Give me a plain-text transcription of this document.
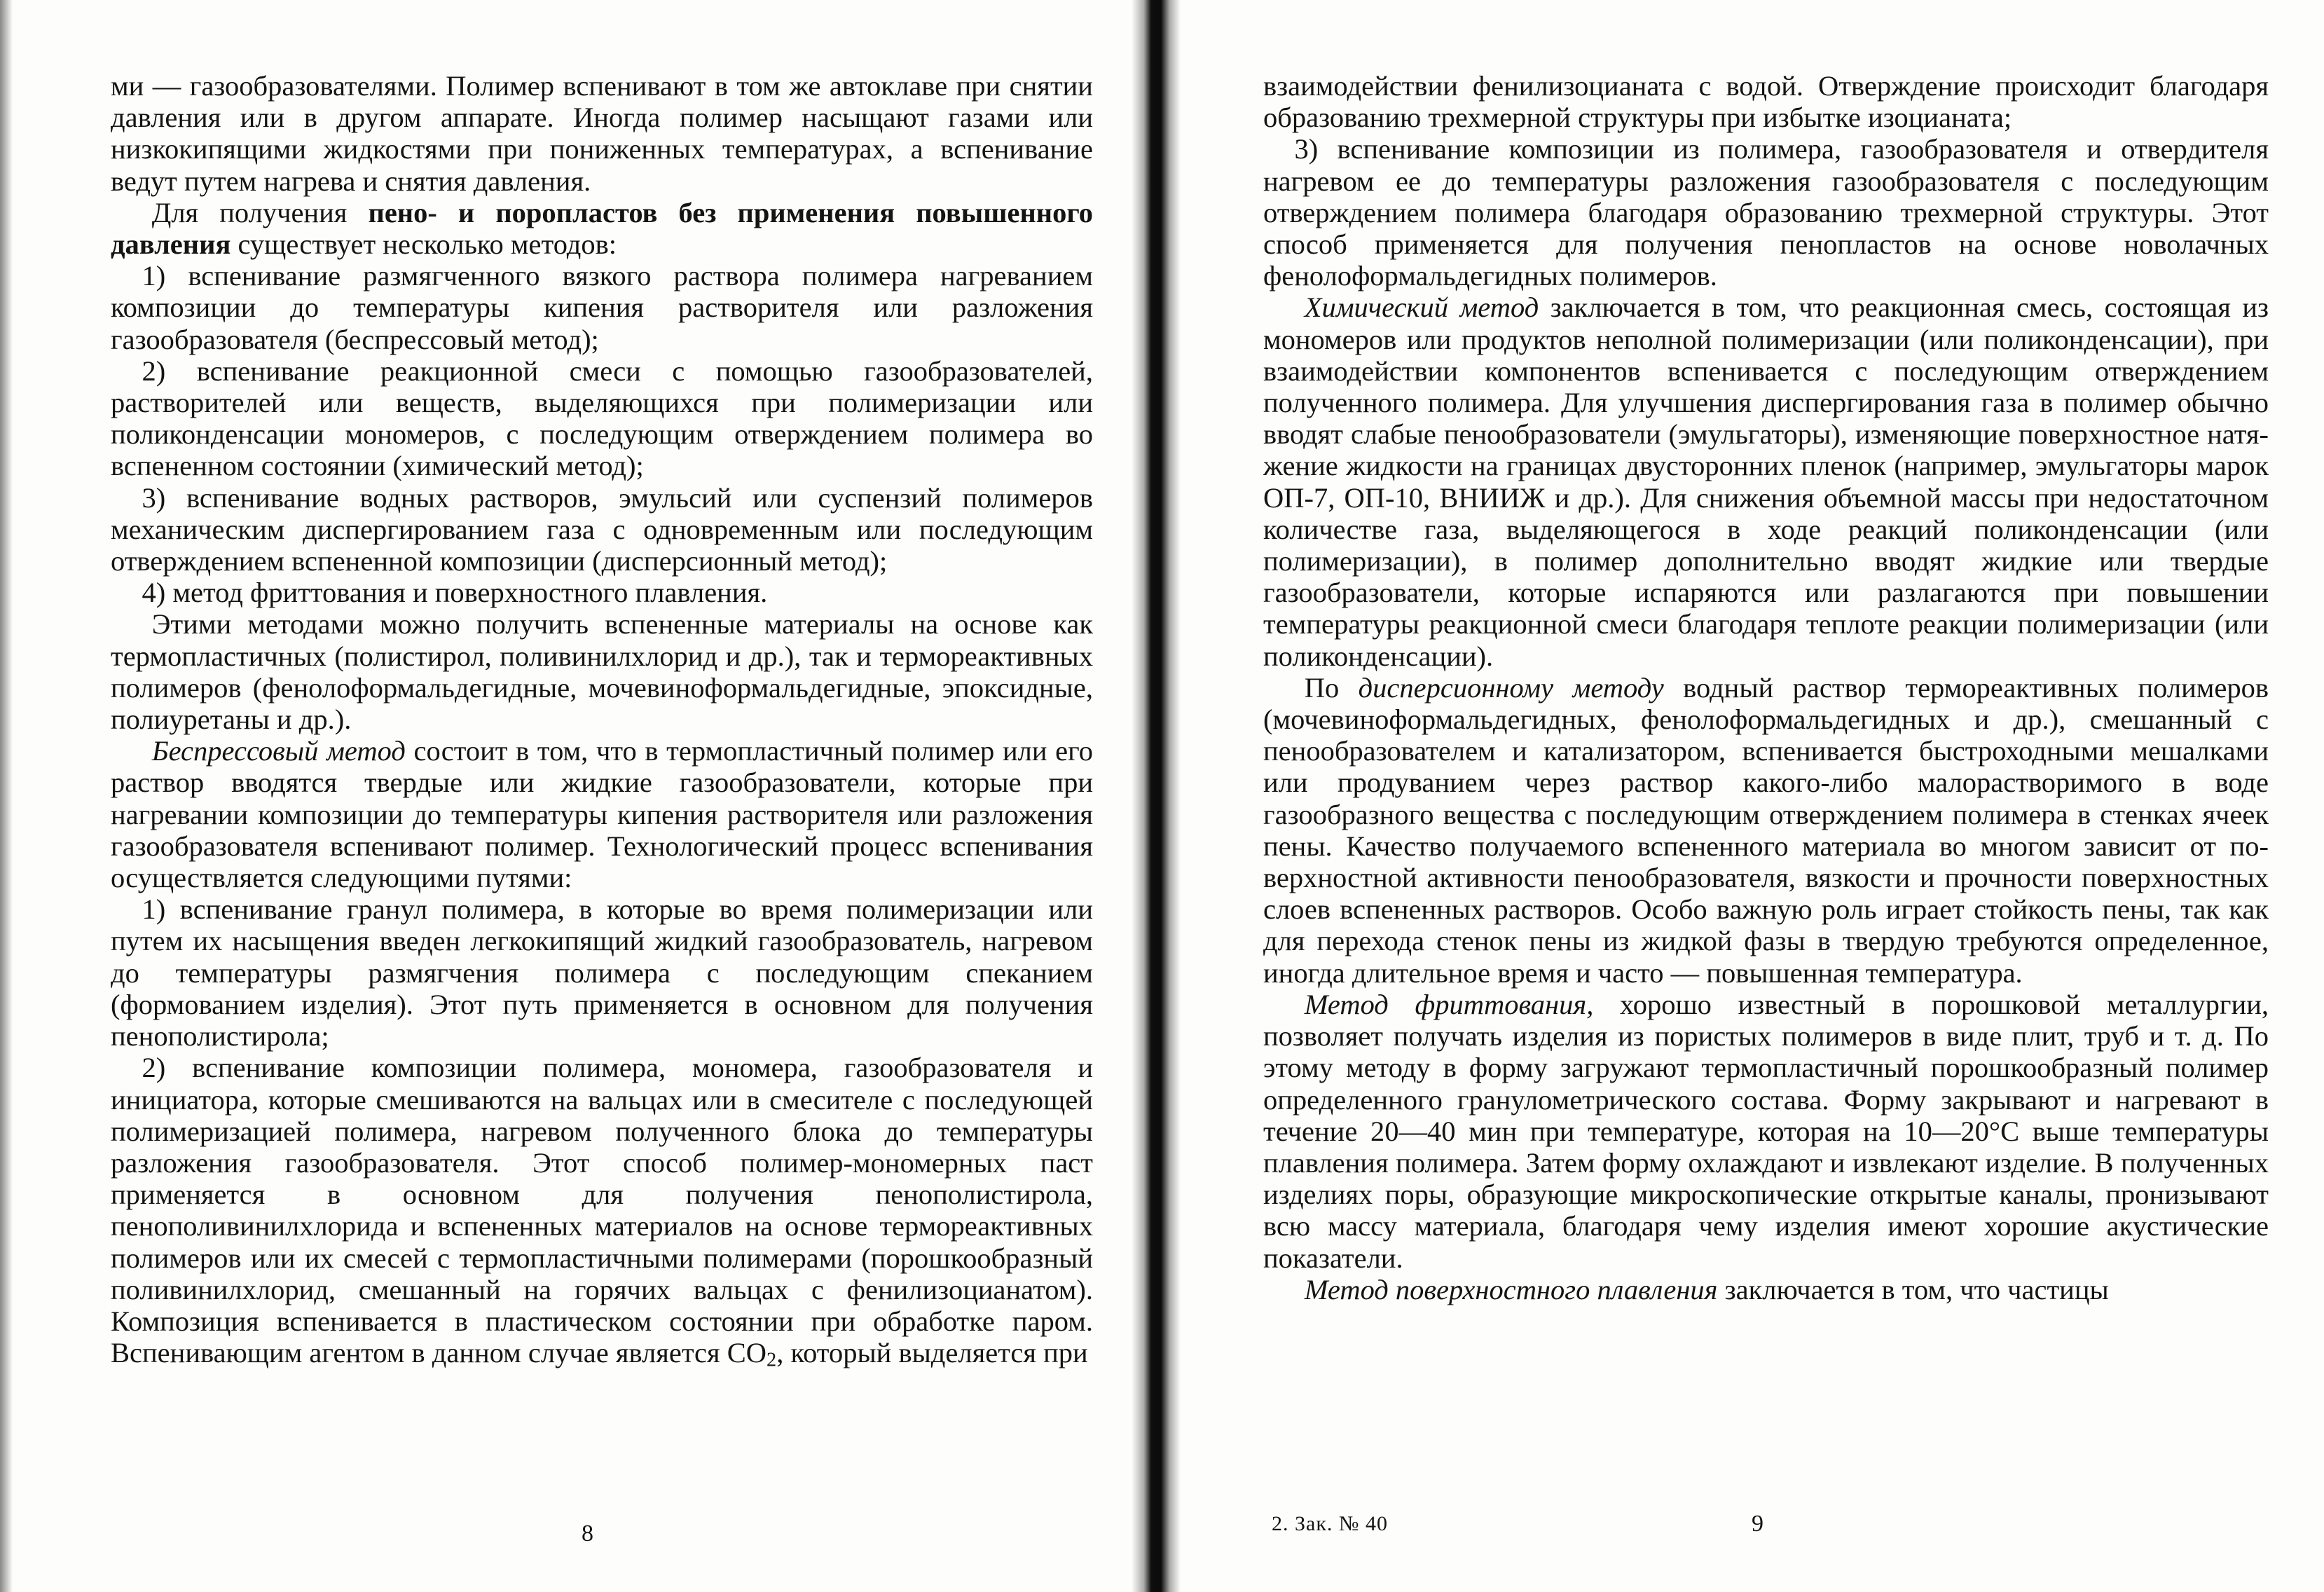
ми — газообразователями. Полимер вспенивают в том же автоклаве при снятии давления или в другом аппарате. Иногда полимер насыщают газами или низкокипящими жидкостями при пониженных температурах, а вспенивание ведут путем нагрева и снятия давления.

Для получения пено- и поропластов без применения повышенного давления существует несколько методов:

1) вспенивание размягченного вязкого раствора полимера нагреванием композиции до температуры кипения растворителя или разложения газообразователя (беспрессовый метод);

2) вспенивание реакционной смеси с помощью газообразователей, растворителей или веществ, выделяющихся при полимеризации или поликонденсации мономеров, с последующим отверждением полимера во вспененном состоянии (химический метод);

3) вспенивание водных растворов, эмульсий или суспензий полимеров механическим диспергированием газа с одновременным или последующим отверждением вспененной композиции (дисперсионный метод);

4) метод фриттования и поверхностного плавления.

Этими методами можно получить вспененные материалы на основе как термопластичных (полистирол, поливинилхлорид и др.), так и термореактивных полимеров (фенолоформальдегидные, мочевиноформальдегидные, эпоксидные, полиуретаны и др.).

Беспрессовый метод состоит в том, что в термопластичный полимер или его раствор вводятся твердые или жидкие газообразователи, которые при нагревании композиции до температуры кипения растворителя или разложения газообразователя вспенивают полимер. Технологический процесс вспенивания осуществляется следующими путями:

1) вспенивание гранул полимера, в которые во время полимеризации или путем их насыщения введен легкокипящий жидкий газообразователь, нагревом до температуры размягчения полимера с последующим спеканием (формованием изделия). Этот путь применяется в основном для получения пенополистирола;

2) вспенивание композиции полимера, мономера, газообразователя и инициатора, которые смешиваются на вальцах или в смесителе с последующей полимеризацией полимера, нагревом полученного блока до температуры разложения газообразователя. Этот способ полимер-мономерных паст применяется в основном для получения пенополистирола, пенополивинилхлорида и вспененных материалов на основе термореактивных полимеров или их смесей с термопластичными полимерами (порошкообразный поливинилхлорид, смешанный на горячих вальцах с фенилизоцианатом). Композиция вспенивается в пластическом состоянии при обработке паром. Вспенивающим агентом в данном случае является $CO_2$, который выделяется при

8

взаимодействии фенилизоцианата с водой. Отверждение происходит благодаря образованию трехмерной структуры при избытке изоцианата;

3) вспенивание композиции из полимера, газообразователя и отвердителя нагревом ее до температуры разложения газообразователя с последующим отверждением полимера благодаря образованию трехмерной структуры. Этот способ применяется для получения пенопластов на основе новолачных фенолоформальдегидных полимеров.

Химический метод заключается в том, что реакционная смесь, состоящая из мономеров или продуктов неполной полимеризации (или поликонденсации), при взаимодействии компонентов вспенивается с последующим отверждением полученного полимера. Для улучшения диспергирования газа в полимер обычно вводят слабые пенообразователи (эмульгаторы), изменяющие поверхностное натяжение жидкости на границах двусторонних пленок (например, эмульгаторы марок ОП-7, ОП-10, ВНИИЖ и др.). Для снижения объемной массы при недостаточном количестве газа, выделяющегося в ходе реакций поликонденсации (или полимеризации), в полимер дополнительно вводят жидкие или твердые газообразователи, которые испаряются или разлагаются при повышении температуры реакционной смеси благодаря теплоте реакции полимеризации (или поликонденсации).

По дисперсионному методу водный раствор термореактивных полимеров (мочевиноформальдегидных, фенолоформальдегидных и др.), смешанный с пенообразователем и катализатором, вспенивается быстроходными мешалками или продуванием через раствор какого-либо малорастворимого в воде газообразного вещества с последующим отверждением полимера в стенках ячеек пены. Качество получаемого вспененного материала во многом зависит от поверхностной активности пенообразователя, вязкости и прочности поверхностных слоев вспененных растворов. Особо важную роль играет стойкость пены, так как для перехода стенок пены из жидкой фазы в твердую требуются определенное, иногда длительное время и часто — повышенная температура.

Метод фриттования, хорошо известный в порошковой металлургии, позволяет получать изделия из пористых полимеров в виде плит, труб и т. д. По этому методу в форму загружают термопластичный порошкообразный полимер определенного гранулометрического состава. Форму закрывают и нагревают в течение 20—40 мин при температуре, которая на 10—20°С выше температуры плавления полимера. Затем форму охлаждают и извлекают изделие. В полученных изделиях поры, образующие микроскопические открытые каналы, пронизывают всю массу материала, благодаря чему изделия имеют хорошие акустические показатели.

Метод поверхностного плавления заключается в том, что частицы

2. Зак. № 40	9
